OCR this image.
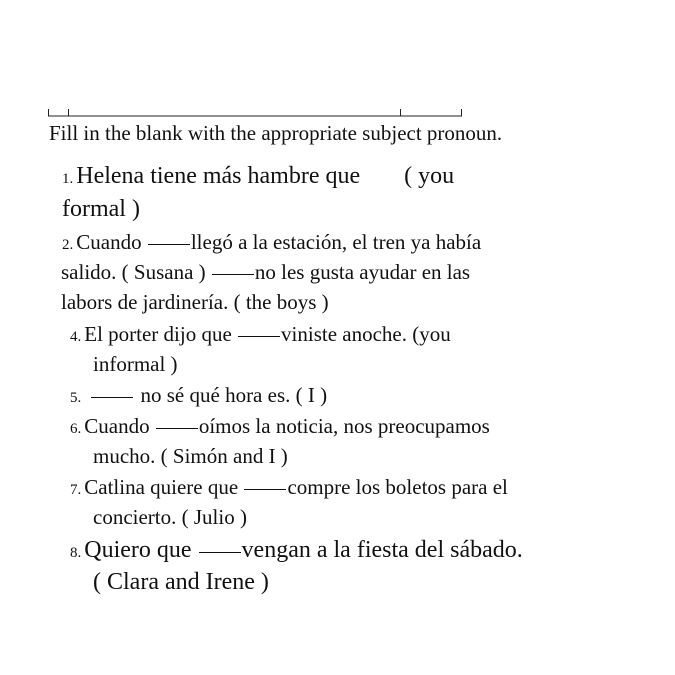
Fill in the blank with the appropriate subject pronoun.
1. Helena tiene más hambre que ( you
formal )
2. Cuando llegó a la estación, el tren ya había
salido. ( Susana ) no les gusta ayudar en las
labors de jardinería. ( the boys )
4. El porter dijo que viniste anoche. (you
informal )
5.	no sé qué hora es. ( I )
6. Cuando oímos la noticia, nos preocupamos
mucho. ( Simón and I )
7. Catlina quiere que compre los boletos para el
concierto. ( Julio )
8. Quiero que vengan a la fiesta del sábado.
( Clara and Irene )
